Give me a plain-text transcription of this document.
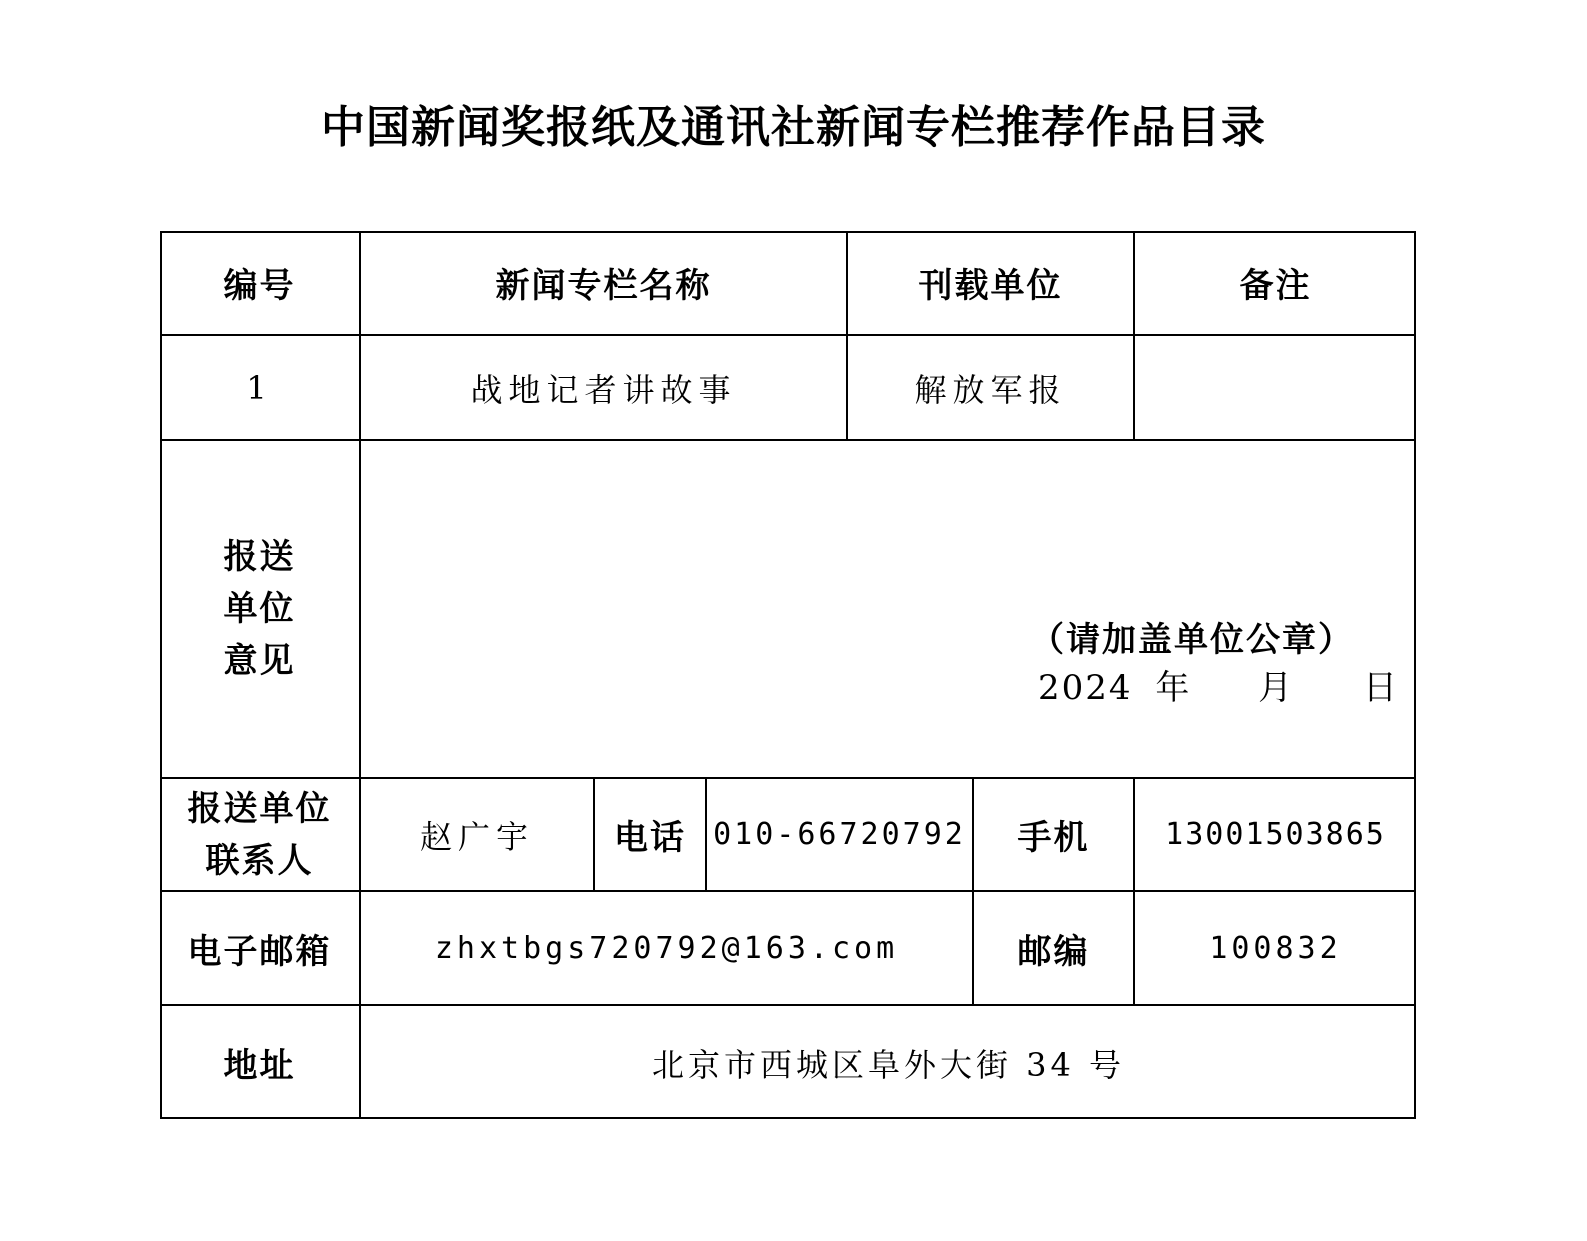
中国新闻奖报纸及通讯社新闻专栏推荐作品目录
编号	新闻专栏名称	刊载单位	备注
1	战地记者讲故事	解放军报
报送
单位
意见
（请加盖单位公章）
2024 年 月 日
报送单位
联系人
赵广宇	电话 010-66720792	手机	13001503865
电子邮箱	zhxtbgs720792@163.com	邮编	100832
地址	北京市西城区阜外大街 34 号
